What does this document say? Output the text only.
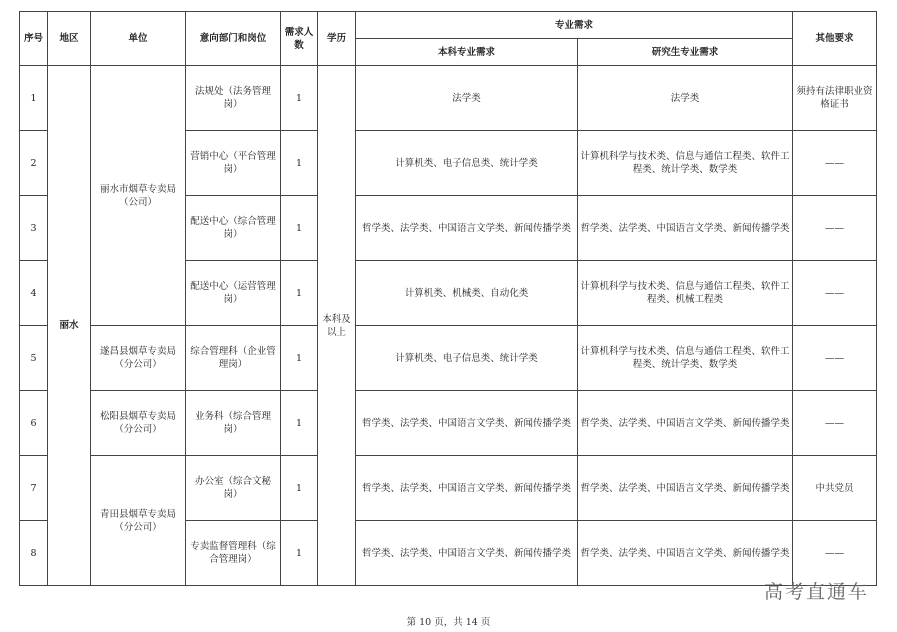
序号	地区	单位	意向部门和岗位	需求人数	学历	专业需求		其他要求
						本科专业需求	研究生专业需求	
1	丽水	丽水市烟草专卖局（公司）	法规处（法务管理岗）	1	本科及以上	法学类	法学类	须持有法律职业资格证书
2			营销中心（平台管理岗）	1		计算机类、电子信息类、统计学类	计算机科学与技术类、信息与通信工程类、软件工程类、统计学类、数学类	——
3			配送中心（综合管理岗）	1		哲学类、法学类、中国语言文学类、新闻传播学类	哲学类、法学类、中国语言文学类、新闻传播学类	——
4			配送中心（运营管理岗）	1		计算机类、机械类、自动化类	计算机科学与技术类、信息与通信工程类、软件工程类、机械工程类	——
5		遂昌县烟草专卖局（分公司）	综合管理科（企业管理岗）	1		计算机类、电子信息类、统计学类	计算机科学与技术类、信息与通信工程类、软件工程类、统计学类、数学类	——
6		松阳县烟草专卖局（分公司）	业务科（综合管理岗）	1		哲学类、法学类、中国语言文学类、新闻传播学类	哲学类、法学类、中国语言文学类、新闻传播学类	——
7		青田县烟草专卖局（分公司）	办公室（综合文秘岗）	1		哲学类、法学类、中国语言文学类、新闻传播学类	哲学类、法学类、中国语言文学类、新闻传播学类	中共党员
8			专卖监督管理科（综合管理岗）	1		哲学类、法学类、中国语言文学类、新闻传播学类	哲学类、法学类、中国语言文学类、新闻传播学类	——
高考直通车
第 10 页，共 14 页
